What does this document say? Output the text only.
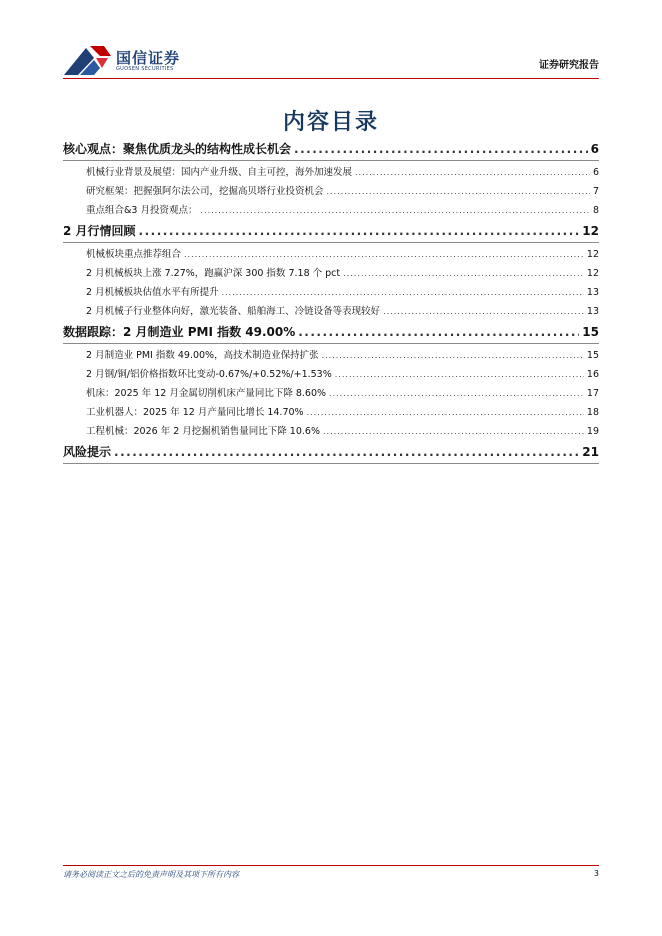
国信证券
GUOSEN SECURITIES	证券研究报告
内容目录
核心观点：聚焦优质龙头的结构性成长机会 .....	6
机械行业背景及展望：国内产业升级、自主可控，海外加速发展 .....	6
研究框架：把握强阿尔法公司，挖掘高贝塔行业投资机会 .....	7
重点组合&3 月投资观点： .....	8
2 月行情回顾 .....	12
机械板块重点推荐组合 .....	12
2 月机械板块上涨 7.27%，跑赢沪深 300 指数 7.18 个 pct .....	12
2 月机械板块估值水平有所提升 .....	13
2 月机械子行业整体向好，激光装备、船舶海工、冷链设备等表现较好 .....	13
数据跟踪：2 月制造业 PMI 指数 49.00% .....	15
2 月制造业 PMI 指数 49.00%，高技术制造业保持扩张 .....	15
2 月钢/铜/铝价格指数环比变动-0.67%/+0.52%/+1.53% .....	16
机床：2025 年 12 月金属切削机床产量同比下降 8.60% .....	17
工业机器人：2025 年 12 月产量同比增长 14.70% .....	18
工程机械：2026 年 2 月挖掘机销售量同比下降 10.6% .....	19
风险提示 .....	21
请务必阅读正文之后的免责声明及其项下所有内容	3
